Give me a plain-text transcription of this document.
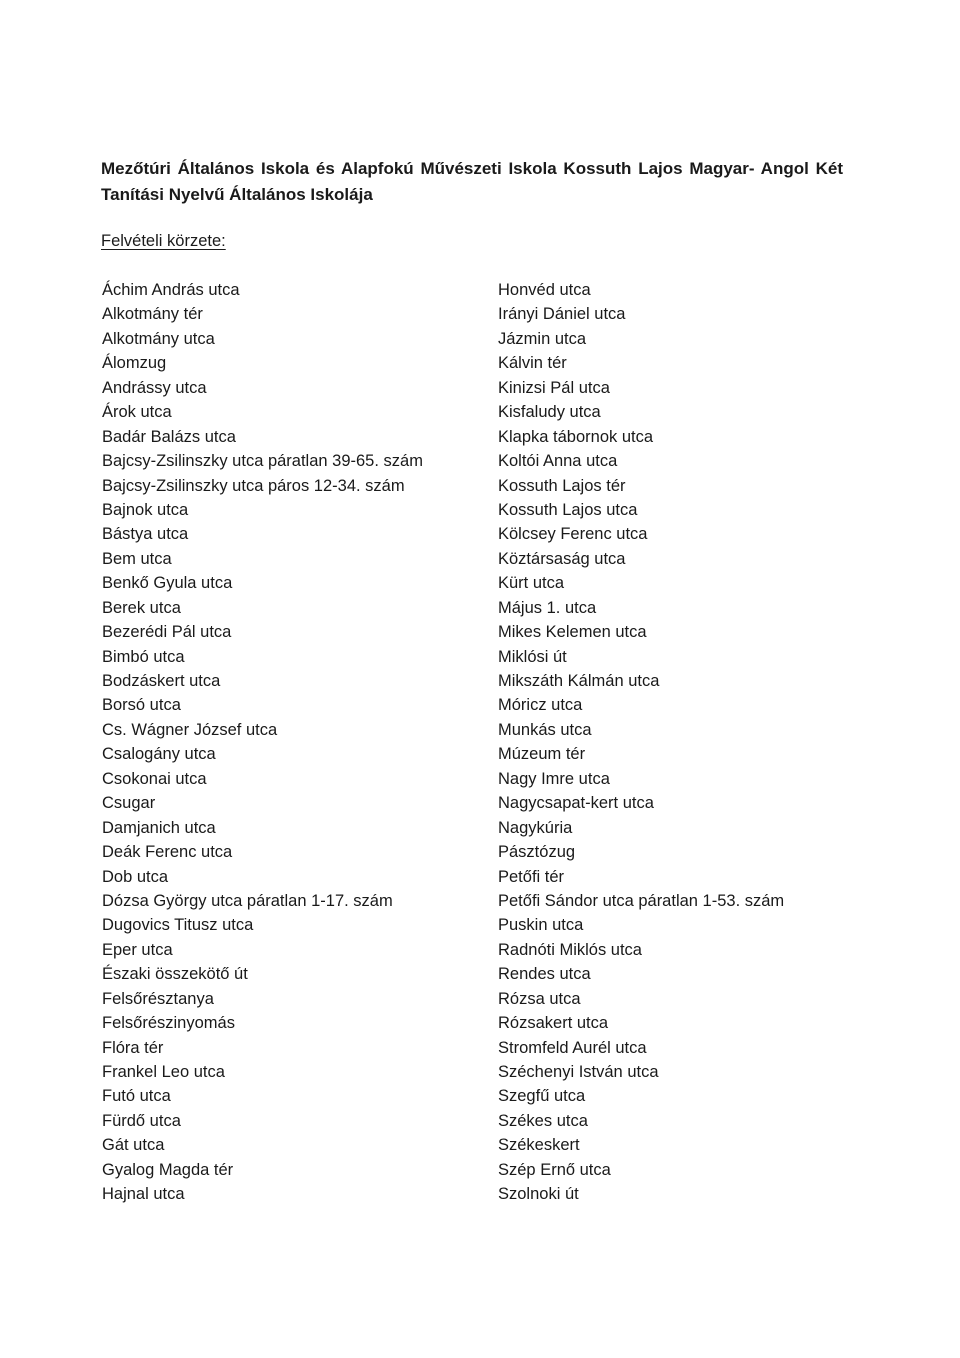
Mezőtúri Általános Iskola és Alapfokú Művészeti Iskola Kossuth Lajos Magyar- Angol Két Tanítási Nyelvű Általános Iskolája

Felvételi körzete:

Áchim András utca
Alkotmány tér
Alkotmány utca
Álomzug
Andrássy utca
Árok utca
Badár Balázs utca
Bajcsy-Zsilinszky utca páratlan 39-65. szám
Bajcsy-Zsilinszky utca páros 12-34. szám
Bajnok utca
Bástya utca
Bem utca
Benkő Gyula utca
Berek utca
Bezerédi Pál utca
Bimbó utca
Bodzáskert utca
Borsó utca
Cs. Wágner József utca
Csalogány utca
Csokonai utca
Csugar
Damjanich utca
Deák Ferenc utca
Dob utca
Dózsa György utca páratlan 1-17. szám
Dugovics Titusz utca
Eper utca
Északi összekötő út
Felsőrésztanya
Felsőrészinyomás
Flóra tér
Frankel Leo utca
Futó utca
Fürdő utca
Gát utca
Gyalog Magda tér
Hajnal utca
Honvéd utca
Irányi Dániel utca
Jázmin utca
Kálvin tér
Kinizsi Pál utca
Kisfaludy utca
Klapka tábornok utca
Koltói Anna utca
Kossuth Lajos tér
Kossuth Lajos utca
Kölcsey Ferenc utca
Köztársaság utca
Kürt utca
Május 1. utca
Mikes Kelemen utca
Miklósi út
Mikszáth Kálmán utca
Móricz utca
Munkás utca
Múzeum tér
Nagy Imre utca
Nagycsapat-kert utca
Nagykúria
Pásztózug
Petőfi tér
Petőfi Sándor utca páratlan 1-53. szám
Puskin utca
Radnóti Miklós utca
Rendes utca
Rózsa utca
Rózsakert utca
Stromfeld Aurél utca
Széchenyi István utca
Szegfű utca
Székes utca
Székeskert
Szép Ernő utca
Szolnoki út
